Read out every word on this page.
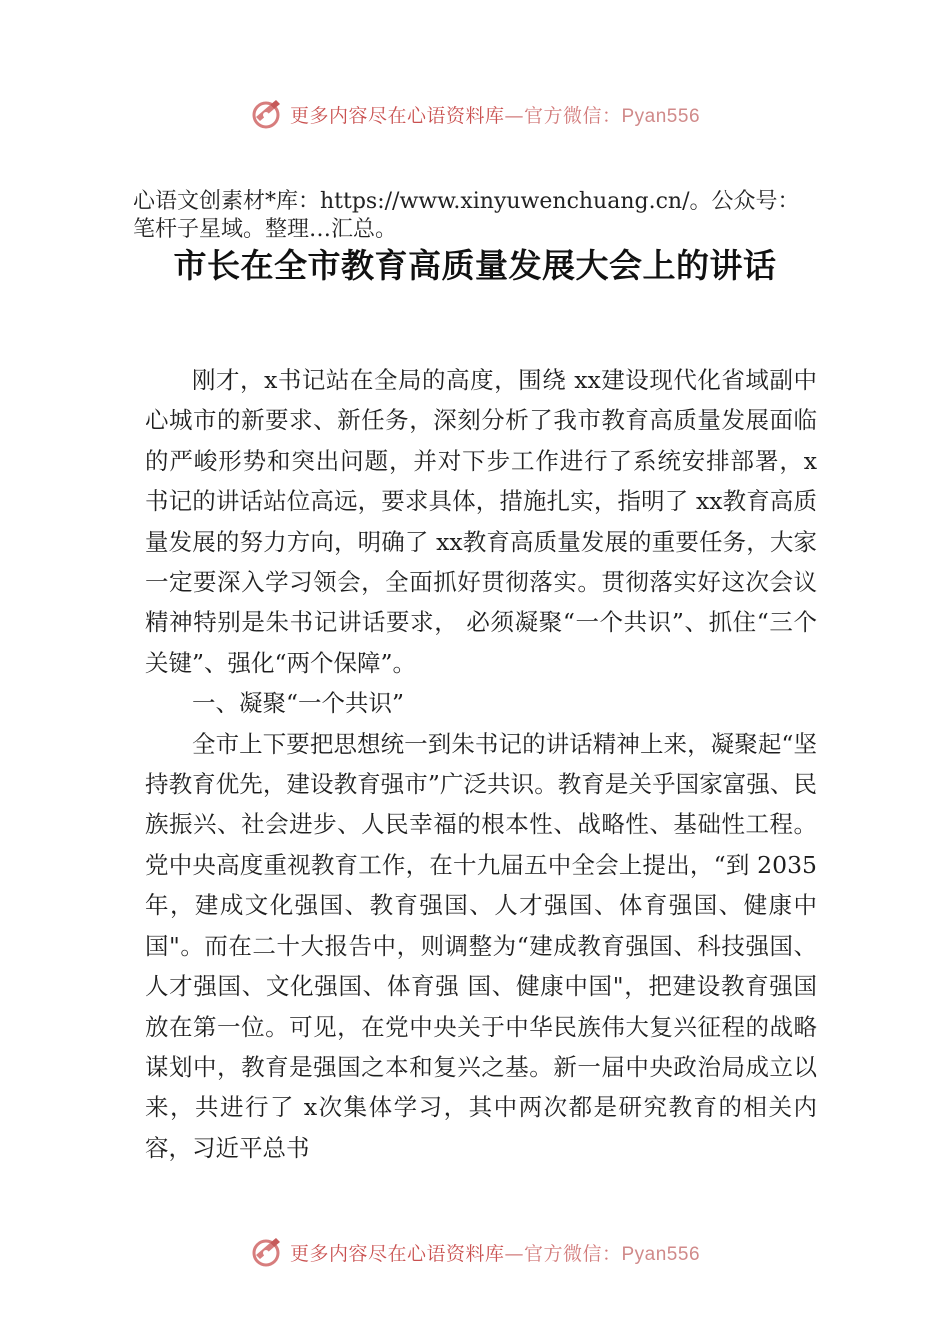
更多内容尽在心语资料库—官方微信：Pyan556

心语文创素材*库：https://www.xinyuwenchuang.cn/。公众号：

笔杆子星域。整理…汇总。

市长在全市教育高质量发展大会上的讲话

刚才，x书记站在全局的高度，围绕 xx建设现代化省域副中心城市的新要求、新任务，深刻分析了我市教育高质量发展面临的严峻形势和突出问题，并对下步工作进行了系统安排部署，x 书记的讲话站位高远，要求具体，措施扎实，指明了 xx教育高质量发展的努力方向，明确了 xx教育高质量发展的重要任务，大家一定要深入学习领会，全面抓好贯彻落实。贯彻落实好这次会议精神特别是朱书记讲话要求， 必须凝聚“一个共识”、抓住“三个关键”、强化“两个保障”。

一、凝聚“一个共识”

全市上下要把思想统一到朱书记的讲话精神上来，凝聚起“坚持教育优先，建设教育强市”广泛共识。教育是关乎国家富强、民族振兴、社会进步、人民幸福的根本性、战略性、基础性工程。党中央高度重视教育工作，在十九届五中全会上提出，“到 2035年，建成文化强国、教育强国、人才强国、体育强国、健康中国"。而在二十大报告中，则调整为“建成教育强国、科技强国、人才强国、文化强国、体育强 国、健康中国"，把建设教育强国放在第一位。可见，在党中央关于中华民族伟大复兴征程的战略谋划中，教育是强国之本和复兴之基。新一届中央政治局成立以来，共进行了 x次集体学习，其中两次都是研究教育的相关内容，习近平总书

更多内容尽在心语资料库—官方微信：Pyan556
